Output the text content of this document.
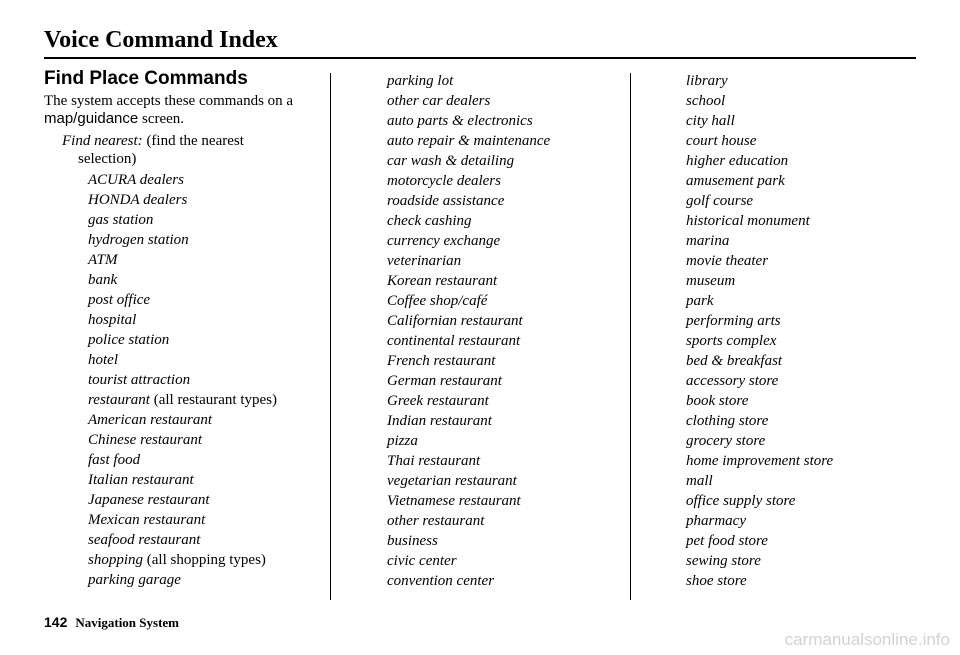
Voice Command Index
Find Place Commands

The system accepts these commands on a map/guidance screen.

Find nearest: (find the nearest
selection)
ACURA dealers
HONDA dealers
gas station
hydrogen station
ATM
bank
post office
hospital
police station
hotel
tourist attraction
restaurant (all restaurant types)
American restaurant
Chinese restaurant
fast food
Italian restaurant
Japanese restaurant
Mexican restaurant
seafood restaurant
shopping (all shopping types)
parking garage
parking lot
other car dealers
auto parts & electronics
auto repair & maintenance
car wash & detailing
motorcycle dealers
roadside assistance
check cashing
currency exchange
veterinarian
Korean restaurant
Coffee shop/café
Californian restaurant
continental restaurant
French restaurant
German restaurant
Greek restaurant
Indian restaurant
pizza
Thai restaurant
vegetarian restaurant
Vietnamese restaurant
other restaurant
business
civic center
convention center
library
school
city hall
court house
higher education
amusement park
golf course
historical monument
marina
movie theater
museum
park
performing arts
sports complex
bed & breakfast
accessory store
book store
clothing store
grocery store
home improvement store
mall
office supply store
pharmacy
pet food store
sewing store
shoe store
142 Navigation System
carmanualsonline.info
